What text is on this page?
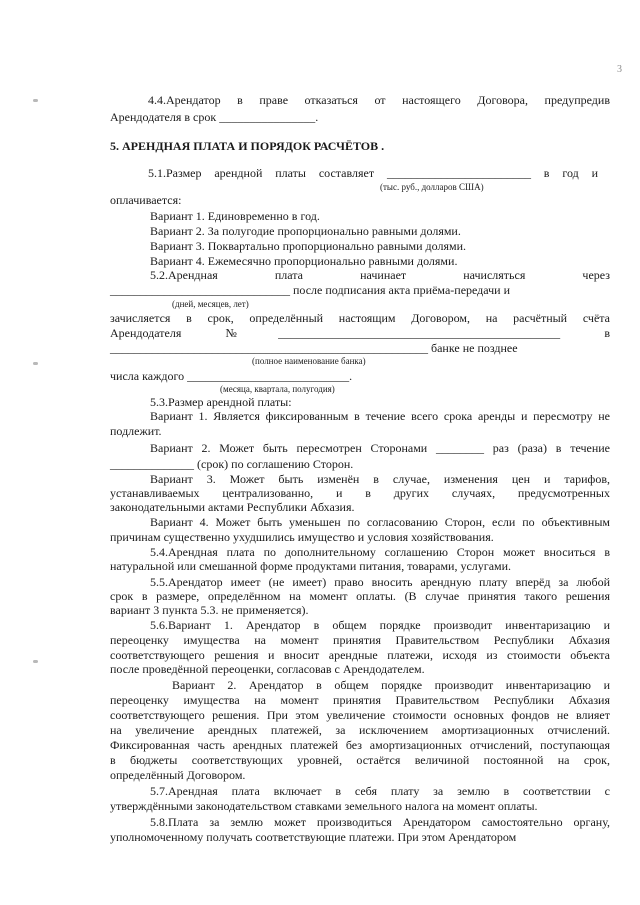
3
4.4.Арендатор в праве отказаться от настоящего Договора, предупредив
Арендодателя в срок ________________.
5. АРЕНДНАЯ ПЛАТА И ПОРЯДОК РАСЧЁТОВ .
5.1.Размер арендной платы составляет ________________________ в год и
(тыс. руб., долларов США)
оплачивается:
Вариант 1. Единовременно в год.
Вариант 2. За полугодие пропорционально равными долями.
Вариант 3. Поквартально пропорционально равными долями.
Вариант 4. Ежемесячно пропорционально равными долями.
5.2.Арендная плата начинает начисляться через
______________________________ после подписания акта приёма-передачи и
(дней, месяцев, лет)
зачисляется в срок, определённый настоящим Договором, на расчётный счёта
Арендодателя №_______________________________________________ в
_____________________________________________________ банке не позднее
(полное наименование банка)
числа каждого ___________________________.
(месяца, квартала, полугодия)
5.3.Размер арендной платы:
Вариант 1. Является фиксированным в течение всего срока аренды и пересмотру не
подлежит.
Вариант 2. Может быть пересмотрен Сторонами ________ раз (раза) в течение
______________ (срок) по соглашению Сторон.
Вариант 3. Может быть изменён в случае, изменения цен и тарифов,
устанавливаемых централизованно, и в других случаях, предусмотренных
законодательными актами Республики Абхазия.
Вариант 4. Может быть уменьшен по согласованию Сторон, если по объективным
причинам существенно ухудшились имущество и условия хозяйствования.
5.4.Арендная плата по дополнительному соглашению Сторон может вноситься в
натуральной или смешанной форме продуктами питания, товарами, услугами.
5.5.Арендатор имеет (не имеет) право вносить арендную плату вперёд за любой
срок в размере, определённом на момент оплаты. (В случае принятия такого решения
вариант 3 пункта 5.3. не применяется).
5.6.Вариант 1. Арендатор в общем порядке производит инвентаризацию и
переоценку имущества на момент принятия Правительством Республики Абхазия
соответствующего решения и вносит арендные платежи, исходя из стоимости объекта
после проведённой переоценки, согласовав с Арендодателем.
Вариант 2. Арендатор в общем порядке производит инвентаризацию и
переоценку имущества на момент принятия Правительством Республики Абхазия
соответствующего решения. При этом увеличение стоимости основных фондов не влияет
на увеличение арендных платежей, за исключением амортизационных отчислений.
Фиксированная часть арендных платежей без амортизационных отчислений, поступающая
в бюджеты соответствующих уровней, остаётся величиной постоянной на срок,
определённый Договором.
5.7.Арендная плата включает в себя плату за землю в соответствии с
утверждёнными законодательством ставками земельного налога на момент оплаты.
5.8.Плата за землю может производиться Арендатором самостоятельно органу,
уполномоченному получать соответствующие платежи. При этом Арендатором
